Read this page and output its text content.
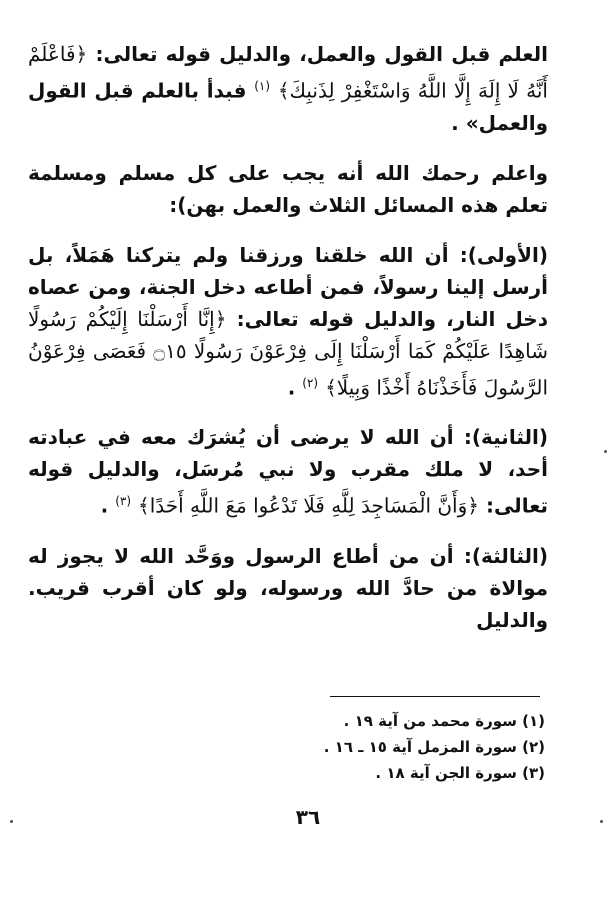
العلم قبل القول والعمل، والدليل قوله تعالى: ﴿فَاعْلَمْ أَنَّهُ لَا إِلَهَ إِلَّا اللَّهُ وَاسْتَغْفِرْ لِذَنبِكَ﴾ $^{(١)}$ فبدأ بالعلم قبل القول والعمل» .

واعلم رحمك الله أنه يجب على كل مسلم ومسلمة تعلم هذه المسائل الثلاث والعمل بهن):

(الأولى): أن الله خلقنا ورزقنا ولم يتركنا هَمَلاً، بل أرسل إلينا رسولاً، فمن أطاعه دخل الجنة، ومن عصاه دخل النار، والدليل قوله تعالى: ﴿إِنَّا أَرْسَلْنَا إِلَيْكُمْ رَسُولًا شَاهِدًا عَلَيْكُمْ كَمَا أَرْسَلْنَا إِلَى فِرْعَوْنَ رَسُولًا ۝١٥ فَعَصَى فِرْعَوْنُ الرَّسُولَ فَأَخَذْنَاهُ أَخْذًا وَبِيلًا﴾ $^{(٢)}$ .

(الثانية): أن الله لا يرضى أن يُشرَك معه في عبادته أحد، لا ملك مقرب ولا نبي مُرسَل، والدليل قوله تعالى: ﴿وَأَنَّ الْمَسَاجِدَ لِلَّهِ فَلَا تَدْعُوا مَعَ اللَّهِ أَحَدًا﴾ $^{(٣)}$ .

(الثالثة): أن من أطاع الرسول ووَحَّد الله لا يجوز له موالاة من حادَّ الله ورسوله، ولو كان أقرب قريب. والدليل

(١) سورة محمد من آية ١٩ .
(٢) سورة المزمل آية ١٥ ـ ١٦ .
(٣) سورة الجن آية ١٨ .
٣٦
